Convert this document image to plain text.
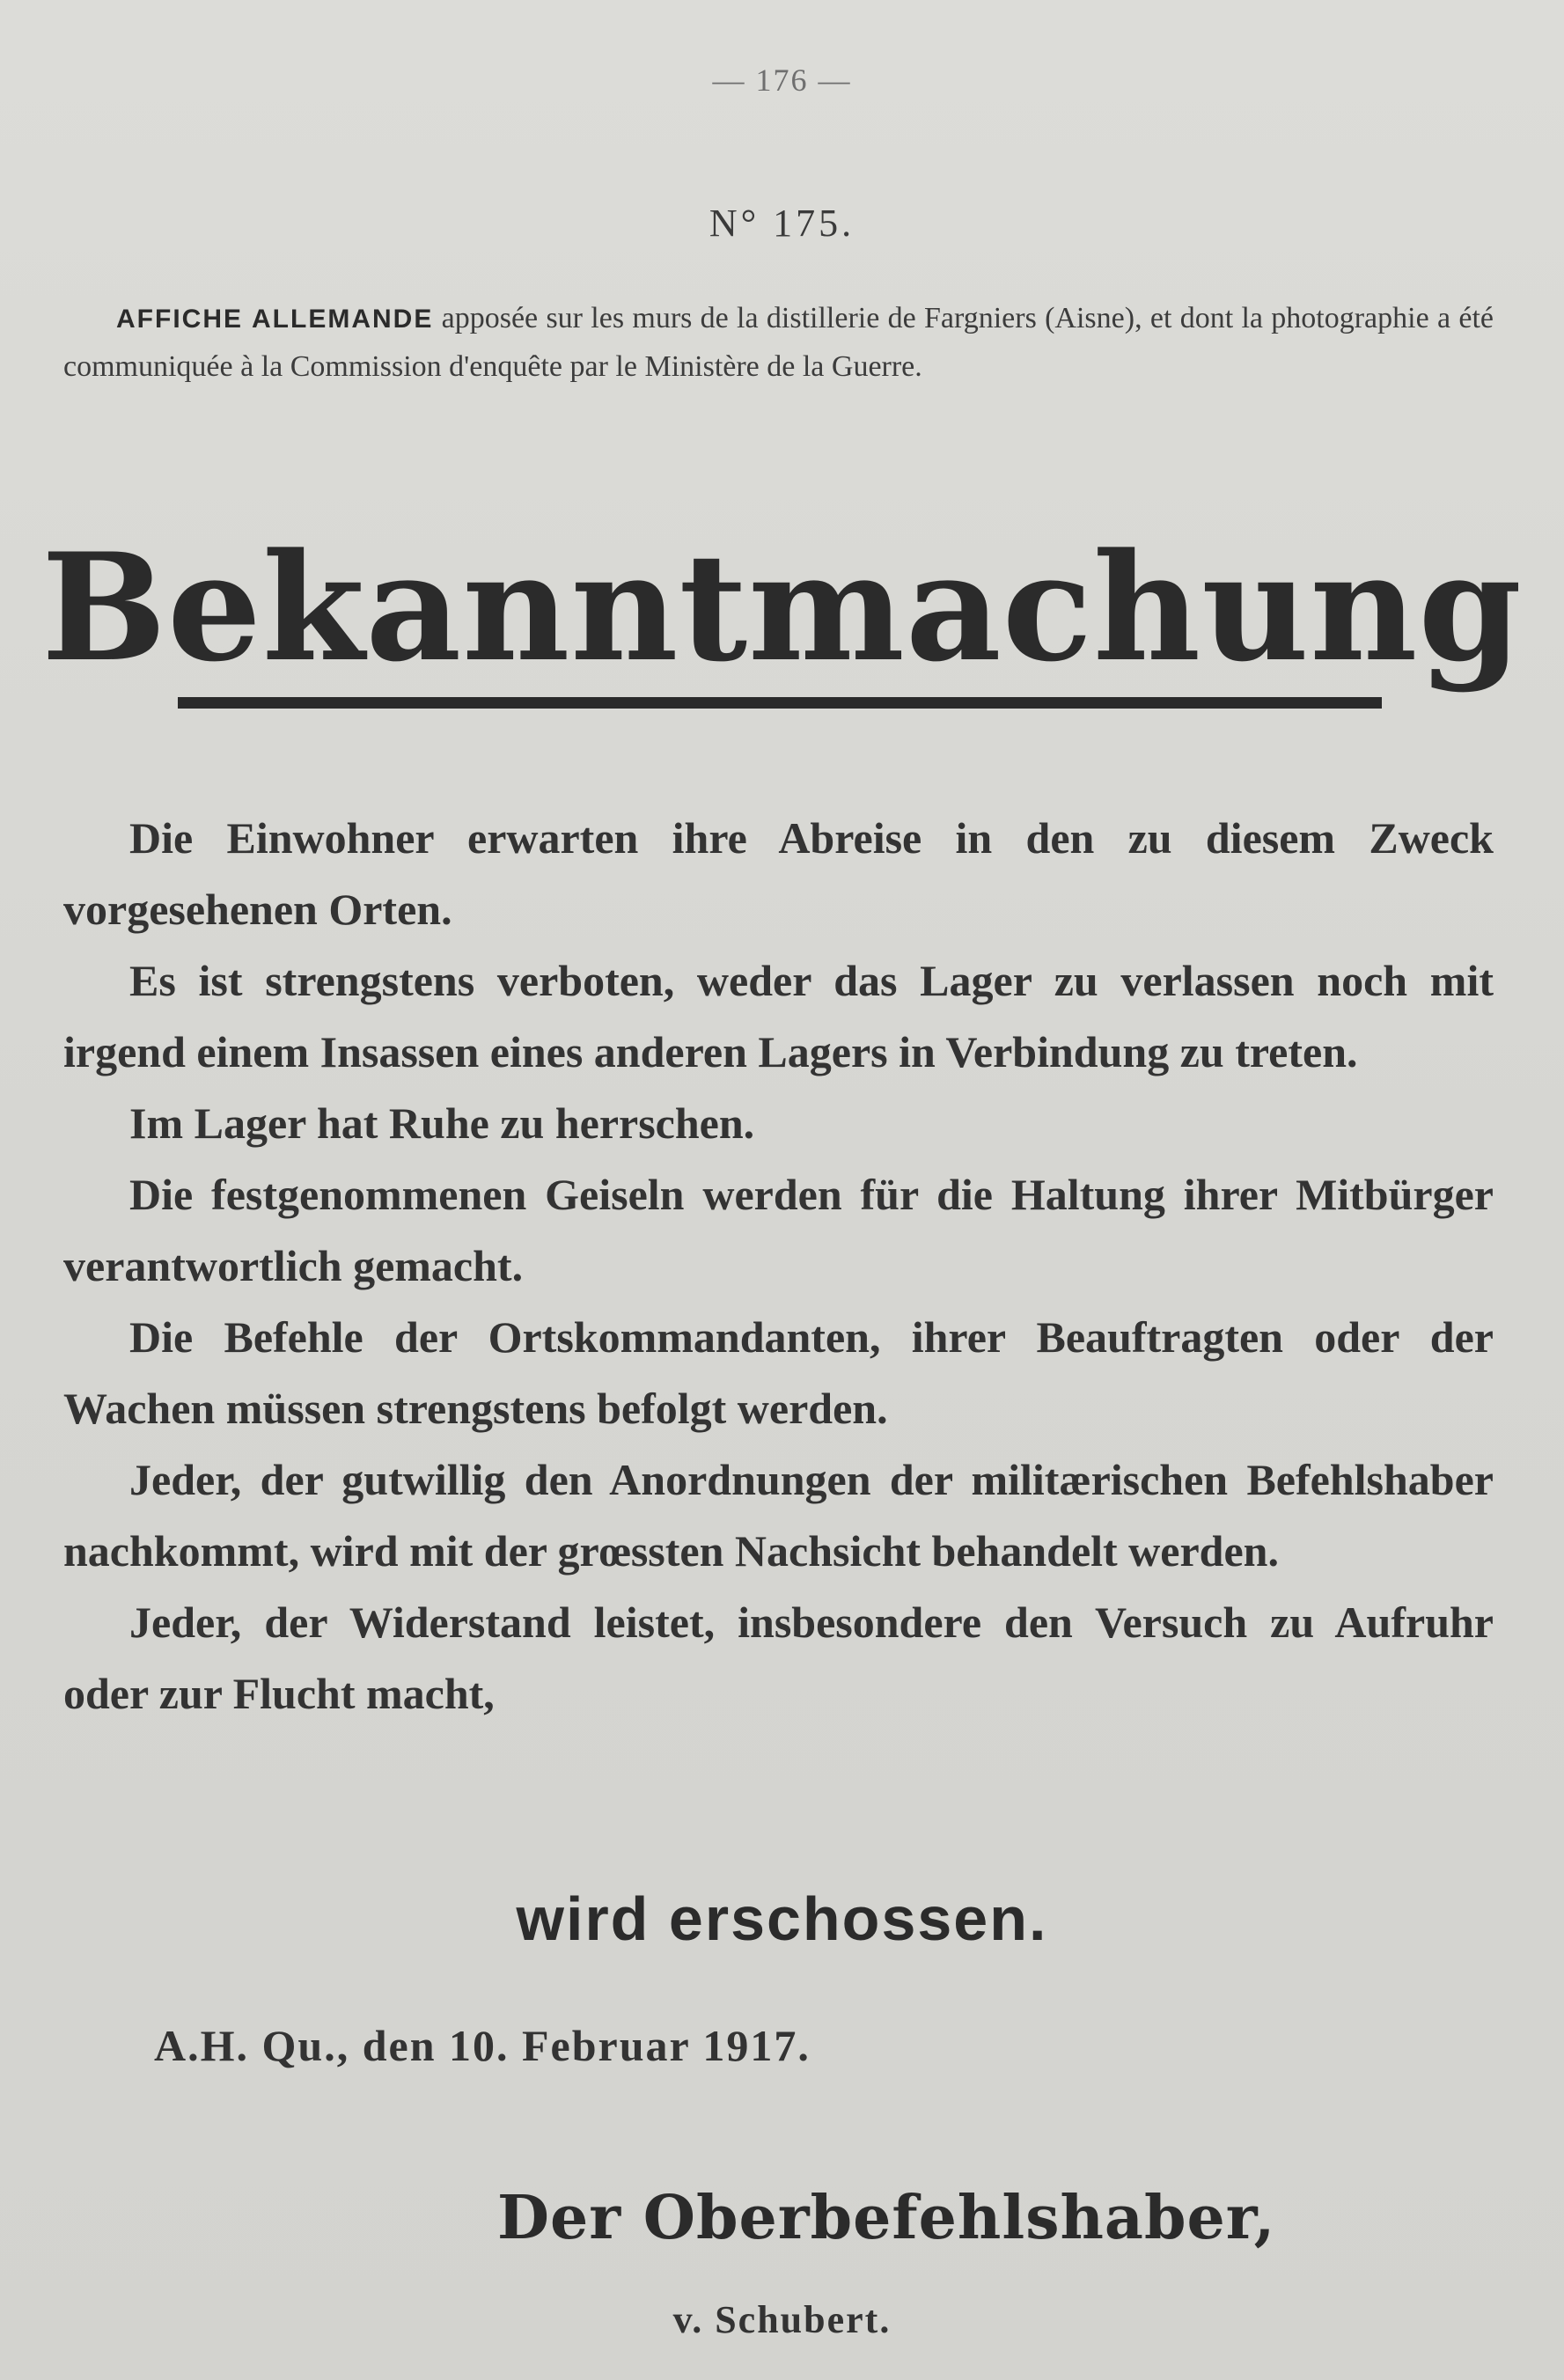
— 176 —
N° 175.
AFFICHE ALLEMANDE apposée sur les murs de la distillerie de Fargniers (Aisne), et dont la photographie a été communiquée à la Commission d'enquête par le Ministère de la Guerre.
Bekanntmachung

Die Einwohner erwarten ihre Abreise in den zu diesem Zweck vorgesehenen Orten.

Es ist strengstens verboten, weder das Lager zu verlassen noch mit irgend einem Insassen eines anderen Lagers in Verbindung zu treten.

Im Lager hat Ruhe zu herrschen.

Die festgenommenen Geiseln werden für die Haltung ihrer Mitbürger verantwortlich gemacht.

Die Befehle der Ortskommandanten, ihrer Beauftragten oder der Wachen müssen strengstens befolgt werden.

Jeder, der gutwillig den Anordnungen der militærischen Befehlshaber nachkommt, wird mit der grœssten Nachsicht behandelt werden.

Jeder, der Widerstand leistet, insbesondere den Versuch zu Aufruhr oder zur Flucht macht,

wird erschossen.
A.H. Qu., den 10. Februar 1917.
Der Oberbefehlshaber,
v. Schubert.
